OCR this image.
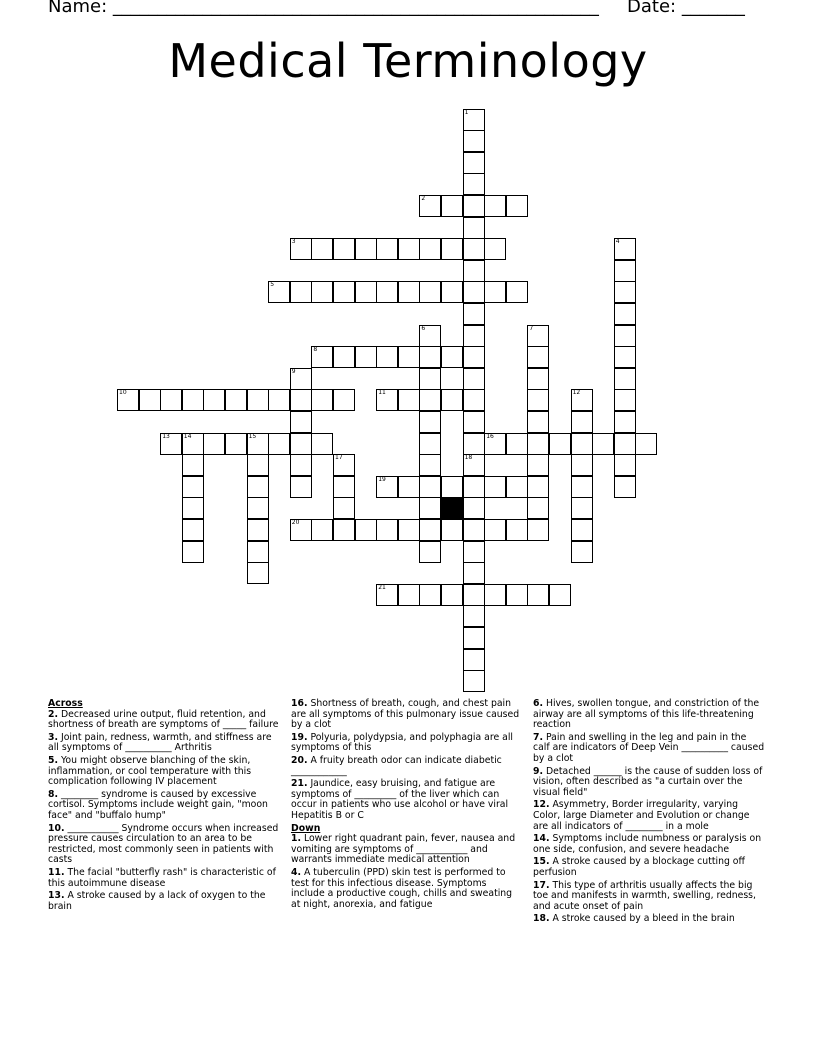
Name: ______________________________________________________ Date: _______
Medical Terminology
1
2
3	4
5
6	7
8
9
10	11	12
13 14	15	16
17	18
19
20
21
Across
2. Decreased urine output, fluid retention, and shortness of breath are symptoms of _____ failure
3. Joint pain, redness, warmth, and stiffness are all symptoms of __________ Arthritis
5. You might observe blanching of the skin, inflammation, or cool temperature with this complication following IV placement
8. ________ syndrome is caused by excessive cortisol. Symptoms include weight gain, "moon face" and "buffalo hump"
10. ___________ Syndrome occurs when increased pressure causes circulation to an area to be restricted, most commonly seen in patients with casts
11. The facial "butterfly rash" is characteristic of this autoimmune disease
13. A stroke caused by a lack of oxygen to the brain
16. Shortness of breath, cough, and chest pain are all symptoms of this pulmonary issue caused by a clot
19. Polyuria, polydypsia, and polyphagia are all symptoms of this
20. A fruity breath odor can indicate diabetic ____________
21. Jaundice, easy bruising, and fatigue are symptoms of _________ of the liver which can occur in patients who use alcohol or have viral Hepatitis B or C
Down
1. Lower right quadrant pain, fever, nausea and vomiting are symptoms of ___________ and warrants immediate medical attention
4. A tuberculin (PPD) skin test is performed to test for this infectious disease. Symptoms include a productive cough, chills and sweating at night, anorexia, and fatigue
6. Hives, swollen tongue, and constriction of the airway are all symptoms of this life-threatening reaction
7. Pain and swelling in the leg and pain in the calf are indicators of Deep Vein __________ caused by a clot
9. Detached ______ is the cause of sudden loss of vision, often described as "a curtain over the visual field"
12. Asymmetry, Border irregularity, varying Color, large Diameter and Evolution or change are all indicators of ________ in a mole
14. Symptoms include numbness or paralysis on one side, confusion, and severe headache
15. A stroke caused by a blockage cutting off perfusion
17. This type of arthritis usually affects the big toe and manifests in warmth, swelling, redness, and acute onset of pain
18. A stroke caused by a bleed in the brain
